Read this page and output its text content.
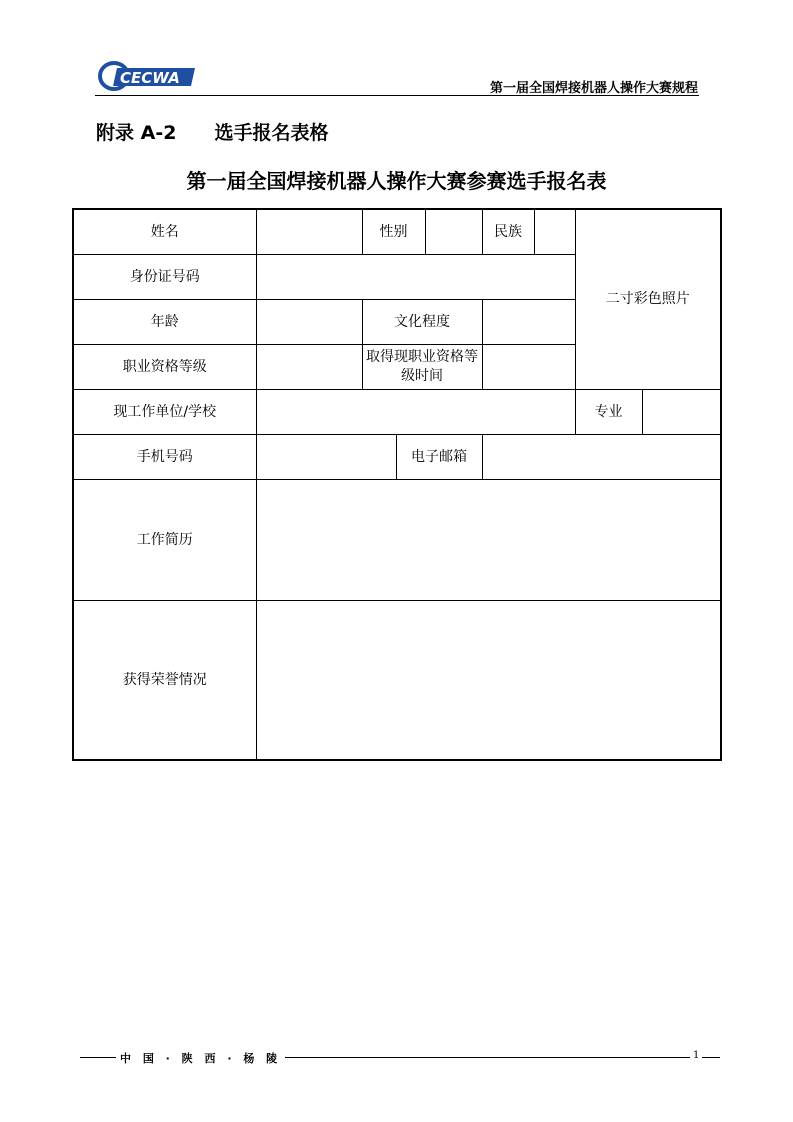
CECWA
第一届全国焊接机器人操作大赛规程
附录 A-2 选手报名表格
第一届全国焊接机器人操作大赛参赛选手报名表
姓名		性别			民族		二寸彩色照片	
身份证号码								
年龄		文化程度						
职业资格等级		取得现职业资格等级时间						

现工作单位/学校							专业	
手机号码			电子邮箱					
工作简历								
获得荣誉情况								
中 国 · 陕 西 · 杨 陵	1
